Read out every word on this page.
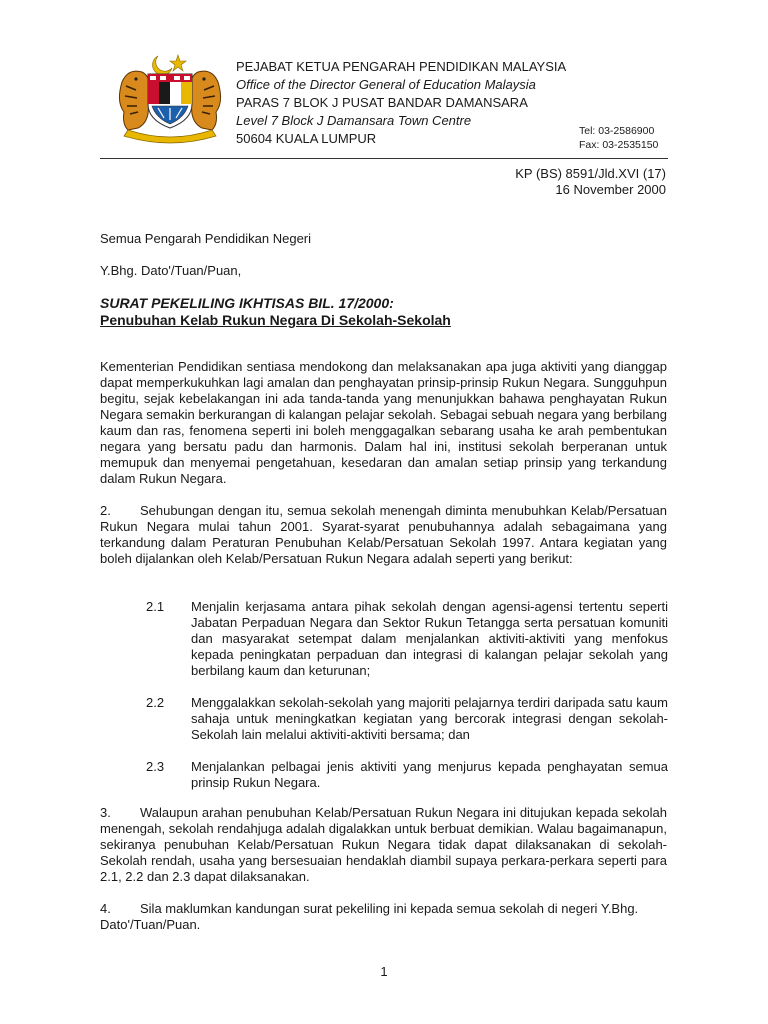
PEJABAT KETUA PENGARAH PENDIDIKAN MALAYSIA
Office of the Director General of Education Malaysia
PARAS 7 BLOK J PUSAT BANDAR DAMANSARA
Level 7 Block J Damansara Town Centre
50604 KUALA LUMPUR	Tel: 03-2586900
Fax: 03-2535150
KP (BS) 8591/Jld.XVI (17)
16 November 2000
Semua Pengarah Pendidikan Negeri
Y.Bhg. Dato'/Tuan/Puan,
SURAT PEKELILING IKHTISAS BIL. 17/2000:
Penubuhan Kelab Rukun Negara Di Sekolah-Sekolah
Kementerian Pendidikan sentiasa mendokong dan melaksanakan apa juga aktiviti yang dianggap dapat memperkukuhkan lagi amalan dan penghayatan prinsip-prinsip Rukun Negara. Sungguhpun begitu, sejak kebelakangan ini ada tanda-tanda yang menunjukkan bahawa penghayatan Rukun Negara semakin berkurangan di kalangan pelajar sekolah. Sebagai sebuah negara yang berbilang kaum dan ras, fenomena seperti ini boleh menggagalkan sebarang usaha ke arah pembentukan negara yang bersatu padu dan harmonis. Dalam hal ini, institusi sekolah berperanan untuk memupuk dan menyemai pengetahuan, kesedaran dan amalan setiap prinsip yang terkandung dalam Rukun Negara.
2. Sehubungan dengan itu, semua sekolah menengah diminta menubuhkan Kelab/Persatuan Rukun Negara mulai tahun 2001. Syarat-syarat penubuhannya adalah sebagaimana yang terkandung dalam Peraturan Penubuhan Kelab/Persatuan Sekolah 1997. Antara kegiatan yang boleh dijalankan oleh Kelab/Persatuan Rukun Negara adalah seperti yang berikut:
2.1 Menjalin kerjasama antara pihak sekolah dengan agensi-agensi tertentu seperti Jabatan Perpaduan Negara dan Sektor Rukun Tetangga serta persatuan komuniti dan masyarakat setempat dalam menjalankan aktiviti-aktiviti yang menfokus kepada peningkatan perpaduan dan integrasi di kalangan pelajar sekolah yang berbilang kaum dan keturunan;
2.2 Menggalakkan sekolah-sekolah yang majoriti pelajarnya terdiri daripada satu kaum sahaja untuk meningkatkan kegiatan yang bercorak integrasi dengan sekolah-Sekolah lain melalui aktiviti-aktiviti bersama; dan
2.3 Menjalankan pelbagai jenis aktiviti yang menjurus kepada penghayatan semua prinsip Rukun Negara.
3. Walaupun arahan penubuhan Kelab/Persatuan Rukun Negara ini ditujukan kepada sekolah menengah, sekolah rendahjuga adalah digalakkan untuk berbuat demikian. Walau bagaimanapun, sekiranya penubuhan Kelab/Persatuan Rukun Negara tidak dapat dilaksanakan di sekolah-Sekolah rendah, usaha yang bersesuaian hendaklah diambil supaya perkara-perkara seperti para 2.1, 2.2 dan 2.3 dapat dilaksanakan.
4. Sila maklumkan kandungan surat pekeliling ini kepada semua sekolah di negeri Y.Bhg. Dato'/Tuan/Puan.
1
